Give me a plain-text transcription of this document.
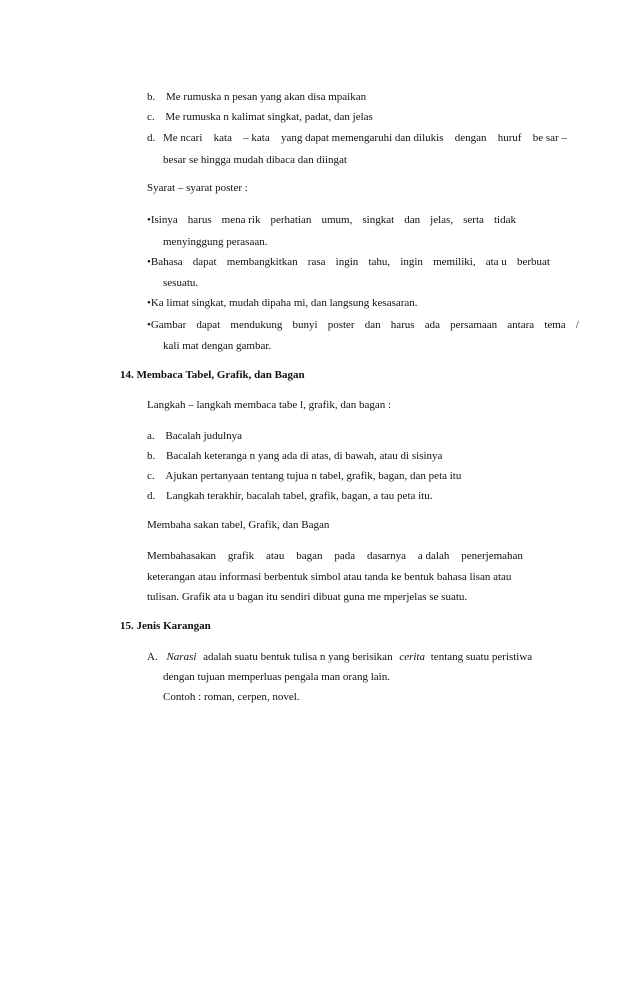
b. Me rumuska n pesan yang akan disa mpaikan
c. Me rumuska n kalimat singkat, padat, dan jelas
d. Me ncari kata – kata yang dapat memengaruhi dan dilukis dengan huruf be sar –
besar se hingga mudah dibaca dan diingat
Syarat – syarat poster :
•Isinya harus mena rik perhatian umum, singkat dan jelas, serta tidak
menyinggung perasaan.
•Bahasa dapat membangkitkan rasa ingin tahu, ingin memiliki, ata u berbuat
sesuatu.
•Ka limat singkat, mudah dipaha mi, dan langsung kesasaran.
•Gambar dapat mendukung bunyi poster dan harus ada persamaan antara tema /
kali mat dengan gambar.
14. Membaca Tabel, Grafik, dan Bagan
Langkah – langkah membaca tabe l, grafik, dan bagan :
a. Bacalah judulnya
b. Bacalah keteranga n yang ada di atas, di bawah, atau di sisinya
c. Ajukan pertanyaan tentang tujua n tabel, grafik, bagan, dan peta itu
d. Langkah terakhir, bacalah tabel, grafik, bagan, a tau peta itu.
Membaha sakan tabel, Grafik, dan Bagan
Membahasakan grafik atau bagan pada dasarnya a dalah penerjemahan
keterangan atau informasi berbentuk simbol atau tanda ke bentuk bahasa lisan atau
tulisan. Grafik ata u bagan itu sendiri dibuat guna me mperjelas se suatu.
15. Jenis Karangan
A. Narasi adalah suatu bentuk tulisa n yang berisikan cerita tentang suatu peristiwa
dengan tujuan memperluas pengala man orang lain.
Contoh : roman, cerpen, novel.
